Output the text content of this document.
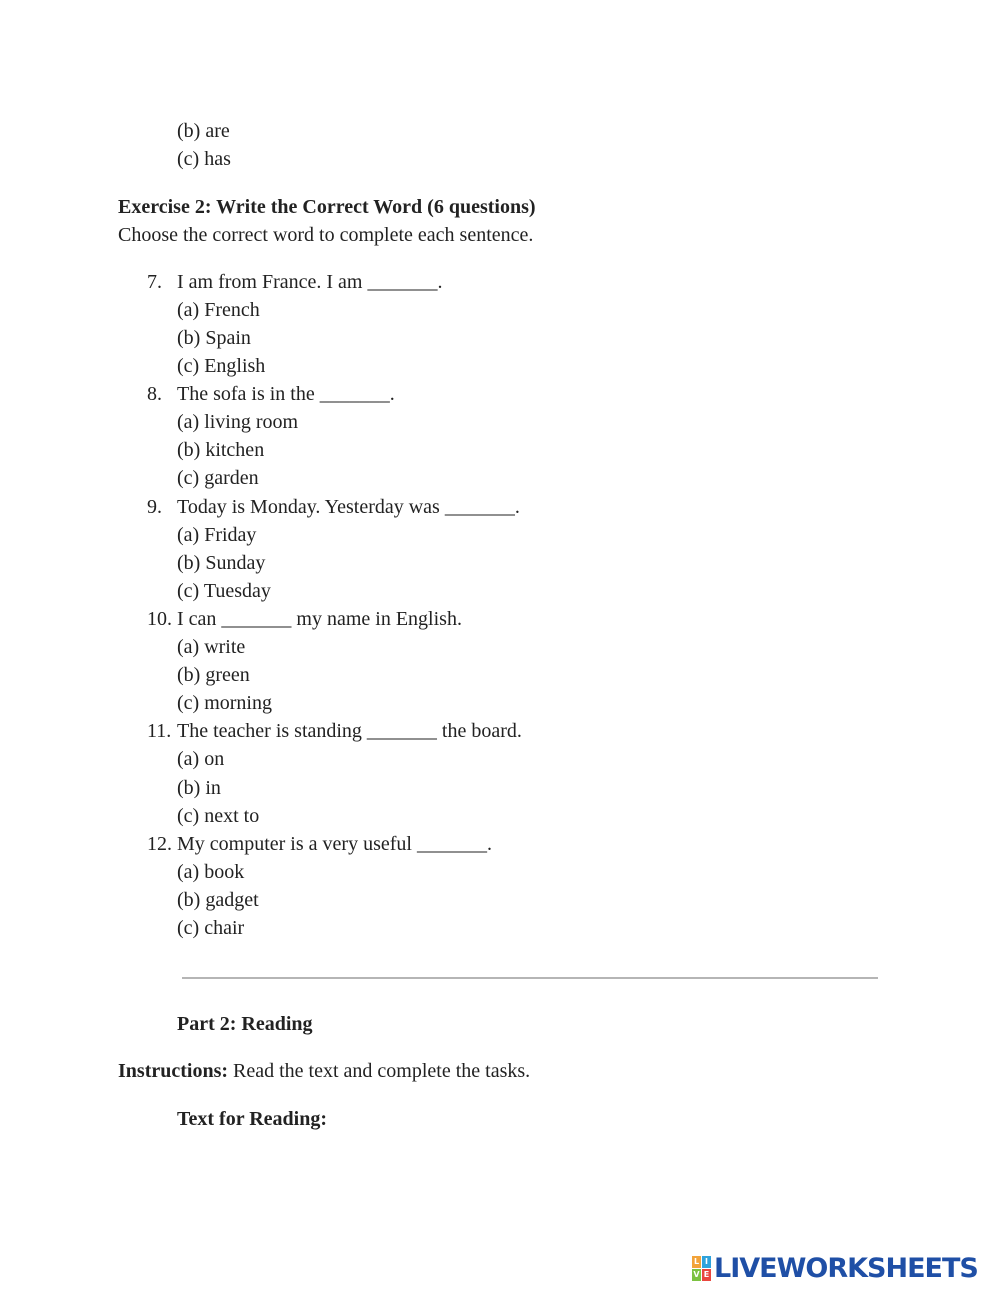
(b) are
(c) has
Exercise 2: Write the Correct Word (6 questions)
Choose the correct word to complete each sentence.
7. I am from France. I am _______.
(a) French
(b) Spain
(c) English
8. The sofa is in the _______.
(a) living room
(b) kitchen
(c) garden
9. Today is Monday. Yesterday was _______.
(a) Friday
(b) Sunday
(c) Tuesday
10. I can _______ my name in English.
(a) write
(b) green
(c) morning
11. The teacher is standing _______ the board.
(a) on
(b) in
(c) next to
12. My computer is a very useful _______.
(a) book
(b) gadget
(c) chair
Part 2: Reading
Instructions: Read the text and complete the tasks.
Text for Reading:
L I
V E LIVEWORKSHEETS
